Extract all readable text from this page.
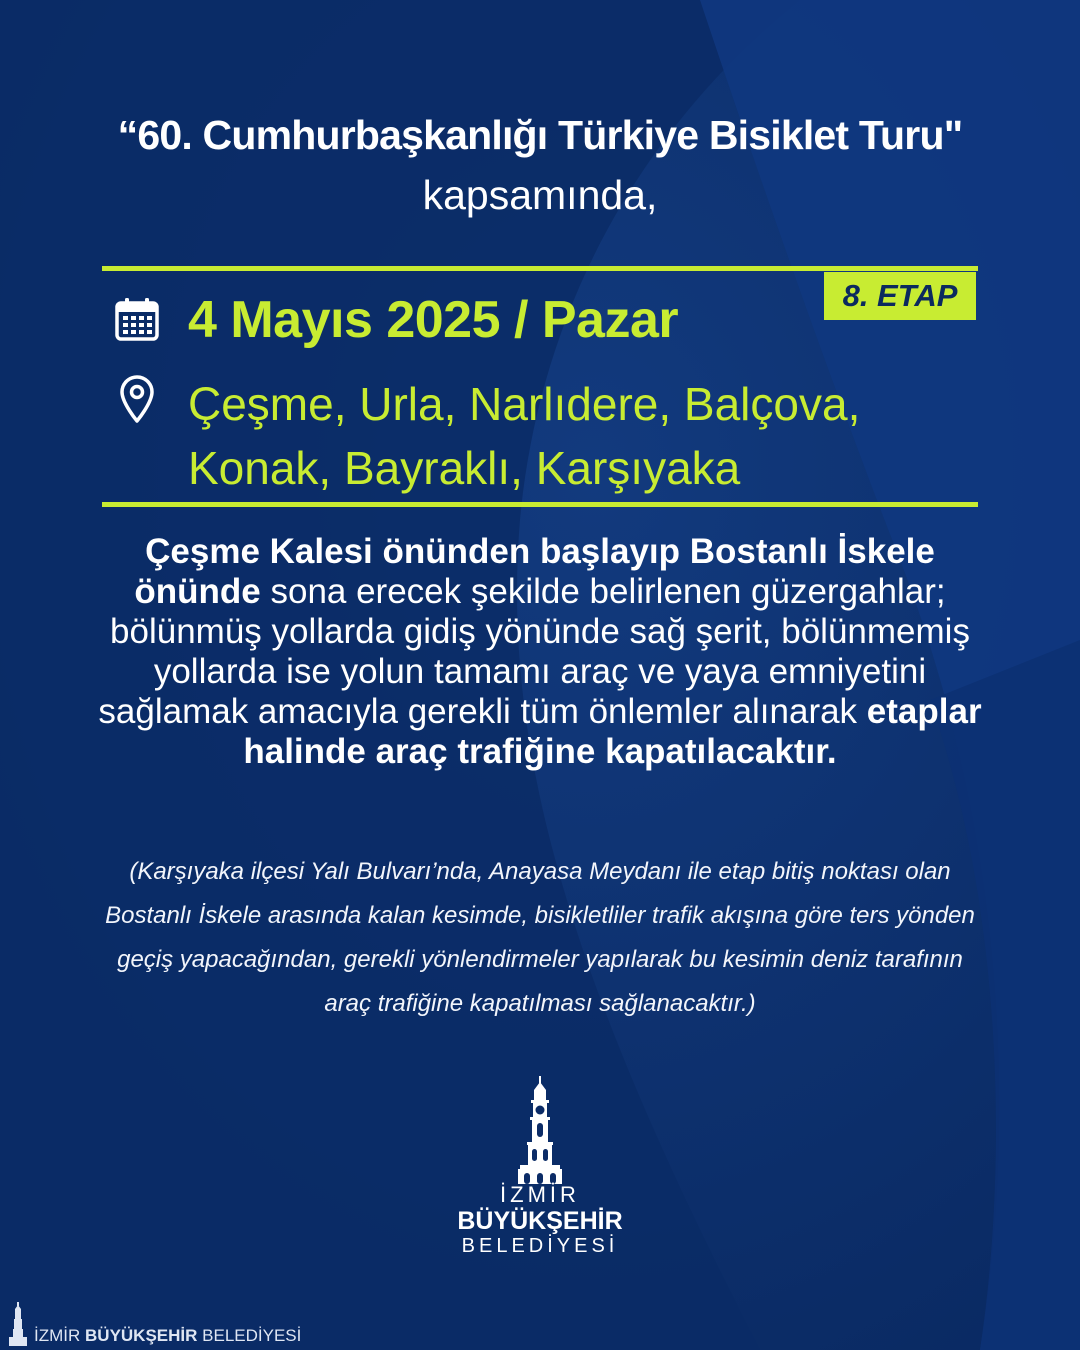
“60. Cumhurbaşkanlığı Türkiye Bisiklet Turu"
kapsamında,
8. ETAP
4 Mayıs 2025 / Pazar
Çeşme, Urla, Narlıdere, Balçova,
Konak, Bayraklı, Karşıyaka
Çeşme Kalesi önünden başlayıp Bostanlı İskele önünde sona erecek şekilde belirlenen güzergahlar; bölünmüş yollarda gidiş yönünde sağ şerit, bölünmemiş yollarda ise yolun tamamı araç ve yaya emniyetini sağlamak amacıyla gerekli tüm önlemler alınarak etaplar halinde araç trafiğine kapatılacaktır.
(Karşıyaka ilçesi Yalı Bulvarı’nda, Anayasa Meydanı ile etap bitiş noktası olan Bostanlı İskele arasında kalan kesimde, bisikletliler trafik akışına göre ters yönden geçiş yapacağından, gerekli yönlendirmeler yapılarak bu kesimin deniz tarafının araç trafiğine kapatılması sağlanacaktır.)
İZMİR
BÜYÜKŞEHİR
BELEDİYESİ
İZMİR BÜYÜKŞEHİR BELEDİYESİ
